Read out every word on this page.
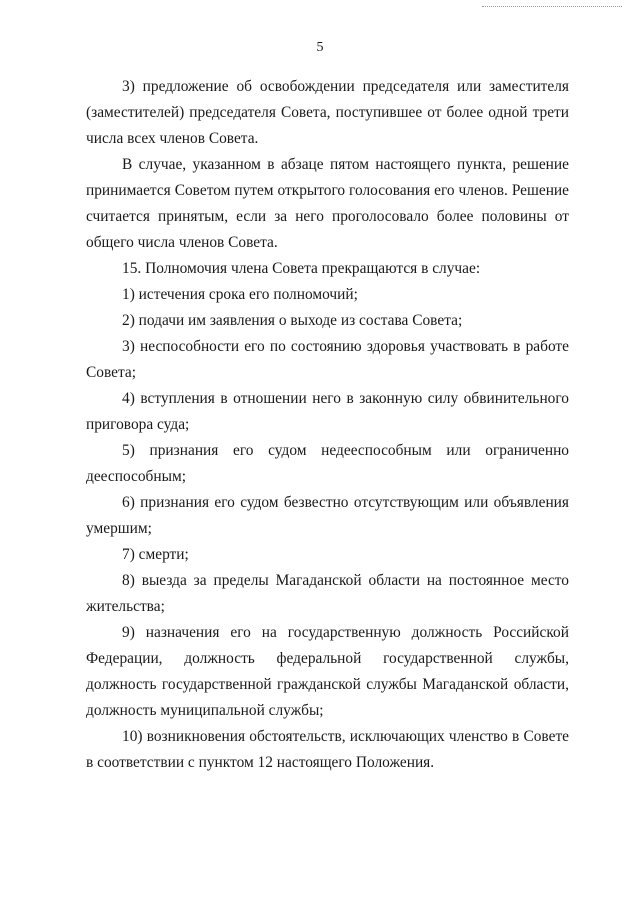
5

3) предложение об освобождении председателя или заместителя (заместителей) председателя Совета, поступившее от более одной трети числа всех членов Совета.

В случае, указанном в абзаце пятом настоящего пункта, решение принимается Советом путем открытого голосования его членов. Решение считается принятым, если за него проголосовало более половины от общего числа членов Совета.

15. Полномочия члена Совета прекращаются в случае:

1) истечения срока его полномочий;

2) подачи им заявления о выходе из состава Совета;

3) неспособности его по состоянию здоровья участвовать в работе Совета;

4) вступления в отношении него в законную силу обвинительного приговора суда;

5) признания его судом недееспособным или ограниченно дееспособным;

6) признания его судом безвестно отсутствующим или объявления умершим;

7) смерти;

8) выезда за пределы Магаданской области на постоянное место жительства;

9) назначения его на государственную должность Российской Федерации, должность федеральной государственной службы, должность государственной гражданской службы Магаданской области, должность муниципальной службы;

10) возникновения обстоятельств, исключающих членство в Совете в соответствии с пунктом 12 настоящего Положения.
